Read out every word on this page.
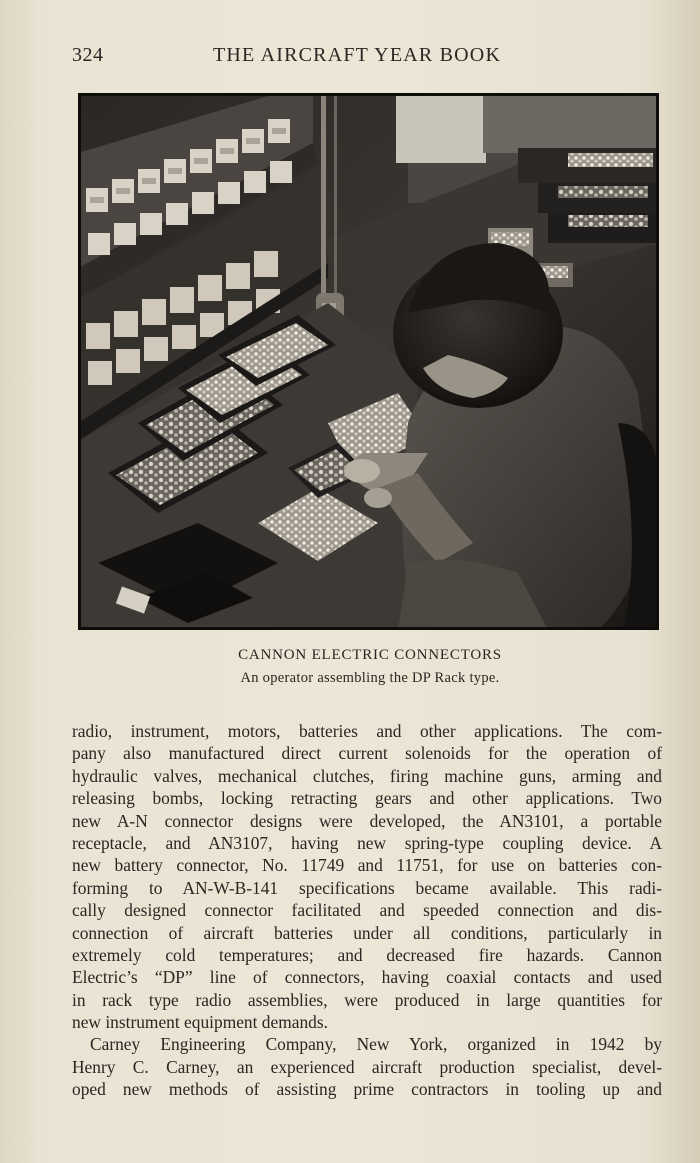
324	THE AIRCRAFT YEAR BOOK
CANNON ELECTRIC CONNECTORS
An operator assembling the DP Rack type.
radio, instrument, motors, batteries and other applications. The com-
pany also manufactured direct current solenoids for the operation of
hydraulic valves, mechanical clutches, firing machine guns, arming and
releasing bombs, locking retracting gears and other applications. Two
new A-N connector designs were developed, the AN3101, a portable
receptacle, and AN3107, having new spring-type coupling device. A
new battery connector, No. 11749 and 11751, for use on batteries con-
forming to AN-W-B-141 specifications became available. This radi-
cally designed connector facilitated and speeded connection and dis-
connection of aircraft batteries under all conditions, particularly in
extremely cold temperatures; and decreased fire hazards. Cannon
Electric’s “DP” line of connectors, having coaxial contacts and used
in rack type radio assemblies, were produced in large quantities for
new instrument equipment demands.
Carney Engineering Company, New York, organized in 1942 by
Henry C. Carney, an experienced aircraft production specialist, devel-
oped new methods of assisting prime contractors in tooling up and
